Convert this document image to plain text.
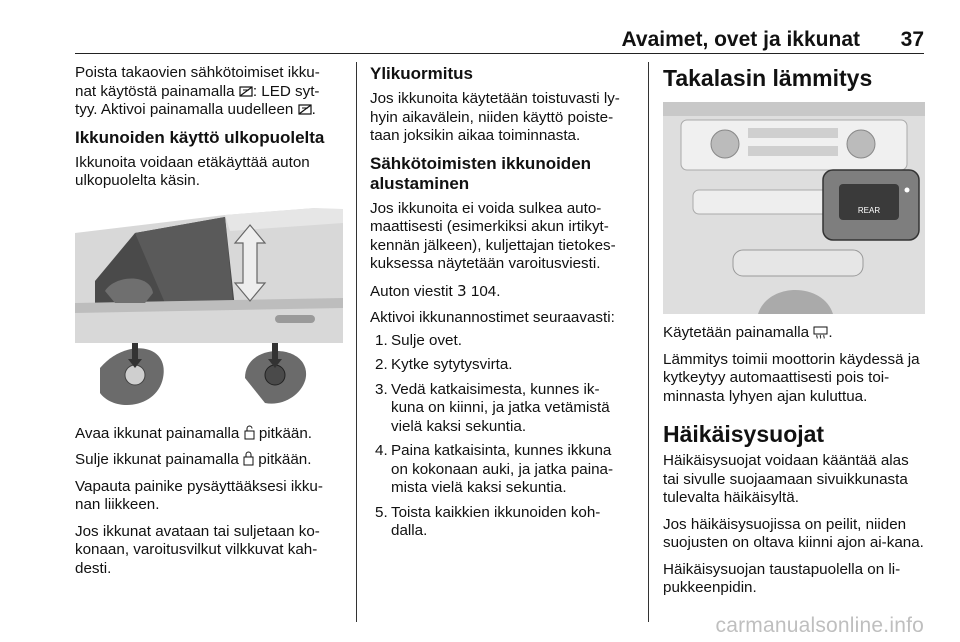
Avaimet, ovet ja ikkunat 37

Poista takaovien sähkötoimiset ikku-
nat käytöstä painamalla : LED syt-
tyy. Aktivoi painamalla uudelleen .

Ikkunoiden käyttö ulkopuolelta

Ikkunoita voidaan etäkäyttää auton ulkopuolelta käsin.

Avaa ikkunat painamalla pitkään.

Sulje ikkunat painamalla pitkään.

Vapauta painike pysäyttääksesi ikku-nan liikkeen.

Jos ikkunat avataan tai suljetaan ko-konaan, varoitusvilkut vilkkuvat kah-desti.

Ylikuormitus

Jos ikkunoita käytetään toistuvasti ly-hyin aikavälein, niiden käyttö poiste-taan joksikin aikaa toiminnasta.

Sähkötoimisten ikkunoiden alustaminen

Jos ikkunoita ei voida sulkea auto-maattisesti (esimerkiksi akun irtikyt-kennän jälkeen), kuljettajan tietokes-kuksessa näytetään varoitusviesti.

Auton viestit 3 104.

Aktivoi ikkunannostimet seuraavasti:

1. Sulje ovet.
2. Kytke sytytysvirta.
3. Vedä katkaisimesta, kunnes ik-kuna on kiinni, ja jatka vetämistä vielä kaksi sekuntia.
4. Paina katkaisinta, kunnes ikkuna on kokonaan auki, ja jatka paina-mista vielä kaksi sekuntia.
5. Toista kaikkien ikkunoiden koh-dalla.
Takalasin lämmitys
REAR

Käytetään painamalla .

Lämmitys toimii moottorin käydessä ja kytkeytyy automaattisesti pois toi-minnasta lyhyen ajan kuluttua.

Häikäisysuojat

Häikäisysuojat voidaan kääntää alas tai sivulle suojaamaan sivuikkunasta tulevalta häikäisyltä.

Jos häikäisysuojissa on peilit, niiden suojusten on oltava kiinni ajon ai-kana.

Häikäisysuojan taustapuolella on li-pukkeenpidin.

carmanualsonline.info
